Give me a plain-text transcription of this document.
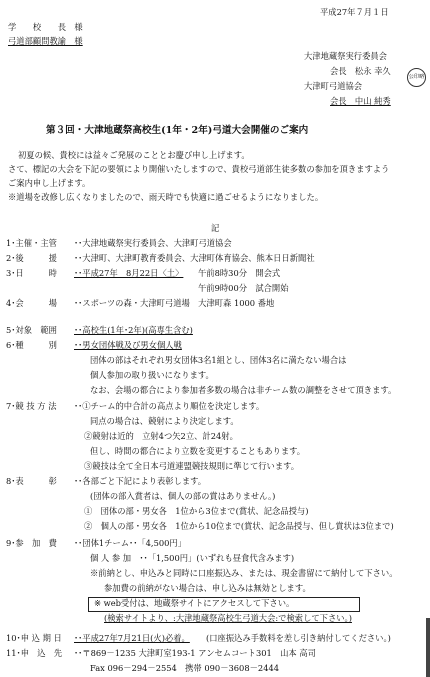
平成27年７月１日
学　　校　　長　様
弓道部顧問教諭　様
大津地蔵祭実行委員会
会長　松永 幸久
公印略
大津町弓道協会
会長　中山 純秀
第３回・大津地蔵祭高校生(1年・2年)弓道大会開催のご案内
初夏の候、貴校には益々ご発展のこととお慶び申し上げます。
さて、標記の大会を下記の要領により開催いたしますので、貴校弓道部生徒多数の参加を頂きますよう
ご案内申し上げます。
※道場を改修し広くなりましたので、雨天時でも快適に過ごせるようになりました。
記
1･主催・主管 ･･大津地蔵祭実行委員会、大津町弓道協会
2･後　　　援 ･･大津町、大津町教育委員会、大津町体育協会、熊本日日新聞社
3･日　　　時 ･･平成27年　8月22日〈土〉 午前8時30分　開会式
午前9時00分　試合開始
4･会　　　場 ･･スポーツの森・大津町弓道場　大津町森 1000 番地
5･対象　範囲 ･･高校生(1年･2年)(高専生含む)
6･種　　　別 ･･男女団体戦及び男女個人戦
団体の部はそれぞれ男女団体3名1組とし、団体3名に満たない場合は
個人参加の取り扱いになります。
なお、会場の都合により参加者多数の場合は非チーム数の調整をさせて頂きます。
7･競 技 方 法 ･･①チーム的中合計の高点より順位を決定します。
同点の場合は、競射により決定します。
②競射は近的　立射4つ矢2立、計24射。
但し、時間の都合により立数を変更することもあります。
③競技は全て全日本弓道連盟競技規則に準じて行います。
8･表　　　彰 ･･各部ごと下記により表彰します。
(団体の部入賞者は、個人の部の賞はありません。)
①　団体の部・男女各　1位から3位まで(賞状、記念品授与)
②　個人の部・男女各　1位から10位まで(賞状、記念品授与、但し賞状は3位まで)
9･参　加　費 ･･団体1チーム･･「4,500円」
個 人 参 加　･･「1,500円」(いずれも昼食代含みます)
※前納とし、申込みと同時に口座振込み、または、現金書留にて納付して下さい。
参加費の前納がない場合は、申し込みは無効とします。
※ web受付は、地蔵祭サイトにアクセスして下さい。
(検索サイトより、:大津地蔵祭高校生弓道大会:で検索して下さい。)
10･申 込 期 日 ･･平成27年7月21日(火)必着。 (口座振込み手数料を差し引き納付してください。)
11･申　込　先 ･･〒869－1235 大津町室193-1 アンセムコート301　山本 高司
Fax 096－294－2554　携帯 090－3608－2444
